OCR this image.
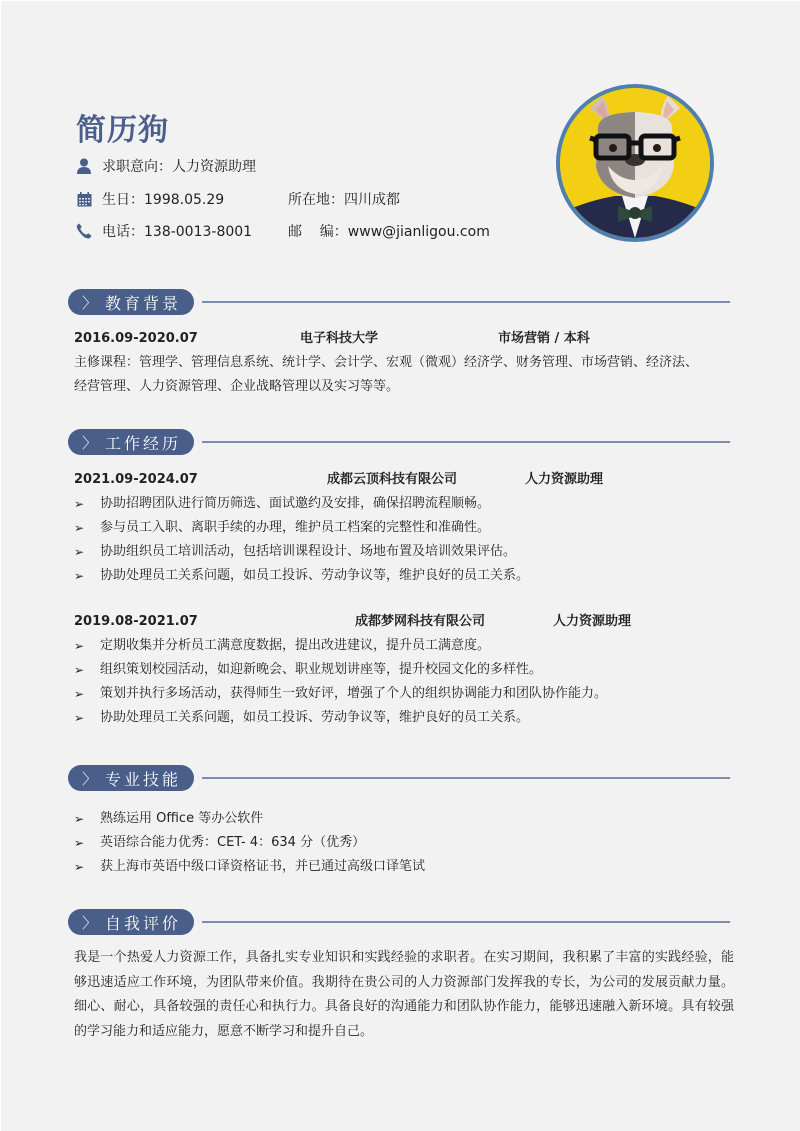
简历狗
求职意向：人力资源助理
生日：1998.05.29	所在地：四川成都
电话：138-0013-8001	邮    编：www@jianligou.com
〉 教育背景
2016.09-2020.07	电子科技大学	市场营销 / 本科
主修课程：管理学、管理信息系统、统计学、会计学、宏观（微观）经济学、财务管理、市场营销、经济法、
经营管理、人力资源管理、企业战略管理以及实习等等。
〉 工作经历
2021.09-2024.07	成都云顶科技有限公司	人力资源助理
➢	协助招聘团队进行简历筛选、面试邀约及安排，确保招聘流程顺畅。
➢	参与员工入职、离职手续的办理，维护员工档案的完整性和准确性。
➢	协助组织员工培训活动，包括培训课程设计、场地布置及培训效果评估。
➢	协助处理员工关系问题，如员工投诉、劳动争议等，维护良好的员工关系。
2019.08-2021.07	成都梦网科技有限公司	人力资源助理
➢	定期收集并分析员工满意度数据，提出改进建议，提升员工满意度。
➢	组织策划校园活动，如迎新晚会、职业规划讲座等，提升校园文化的多样性。
➢	策划并执行多场活动，获得师生一致好评，增强了个人的组织协调能力和团队协作能力。
➢	协助处理员工关系问题，如员工投诉、劳动争议等，维护良好的员工关系。
〉 专业技能
➢	熟练运用 Office 等办公软件
➢	英语综合能力优秀：CET- 4：634 分（优秀）
➢	获上海市英语中级口译资格证书，并已通过高级口译笔试
〉 自我评价
我是一个热爱人力资源工作，具备扎实专业知识和实践经验的求职者。在实习期间，我积累了丰富的实践经验，能够迅速适应工作环境，为团队带来价值。我期待在贵公司的人力资源部门发挥我的专长，为公司的发展贡献力量。细心、耐心，具备较强的责任心和执行力。具备良好的沟通能力和团队协作能力，能够迅速融入新环境。具有较强的学习能力和适应能力，愿意不断学习和提升自己。
